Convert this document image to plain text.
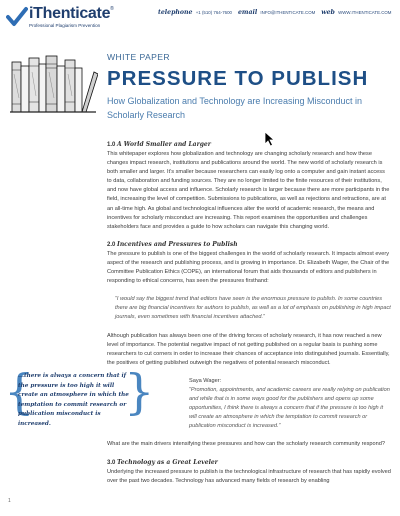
iThenticate ®
Professional Plagiarism Prevention
telephone +1 (510) 764-7600 email INFO@ITHENTICATE.COM web WWW.ITHENTICATE.COM

WHITE PAPER

PRESSURE TO PUBLISH
How Globalization and Technology are Increasing Misconduct in Scholarly Research
1.0 A World Smaller and Larger

This whitepaper explores how globalization and technology are changing scholarly research and how these changes impact research, institutions and publications around the world. The new world of scholarly research is both smaller and larger. It’s smaller because researchers can easily log onto a computer and gain instant access to data, collaboration and funding sources. They are no longer limited to the finite resources of their institutions, and now have global access and influence. Scholarly research is larger because there are more participants in the field, increasing the level of competition. Submissions to publications, as well as rejections and retractions, are at an all-time high. As global and technological influences alter the world of academic research, the means and incentives for scholarly misconduct are increasing. This report examines the opportunities and challenges stakeholders face and provides a guide to how scholars can navigate this changing world.

2.0 Incentives and Pressures to Publish

The pressure to publish is one of the biggest challenges in the world of scholarly research. It impacts almost every aspect of the research and publishing process, and is growing in importance. Dr. Elizabeth Wager, the Chair of the Committee Publication Ethics (COPE), an international forum that aids thousands of editors and publishers in responding to ethical concerns, has seen the pressures firsthand:

“I would say the biggest trend that editors have seen is the enormous pressure to publish. In some countries there are big financial incentives for authors to publish, as well as a lot of emphasis on publishing in high impact journals, even sometimes with financial incentives attached.”

Although publication has always been one of the driving forces of scholarly research, it has now reached a new level of importance. The potential negative impact of not getting published on a regular basis is pushing some researchers to cut corners in order to increase their chances of acceptance into distinguished journals. Essentially, the positives of getting published outweigh the negatives of potential research misconduct.

Saya Wager:

“Promotion, appointments, and academic careers are really relying on publication and while that is in some ways good for the publishers and opens up some opportunities, I think there is always a concern that if the pressure is too high it will create an atmosphere in which the temptation to commit research or publication misconduct is increased.”

What are the main drivers intensifying these pressures and how can the scholarly research community respond?

3.0 Technology as a Great Leveler

Underlying the increased pressure to publish is the technological infrastructure of research that has rapidly evolved over the past two decades. Technology has advanced many fields of research by enabling

{
...there is always a concern that if the pressure is too high it will create an atmosphere in which the temptation to commit research or publication misconduct is increased.
}
1
